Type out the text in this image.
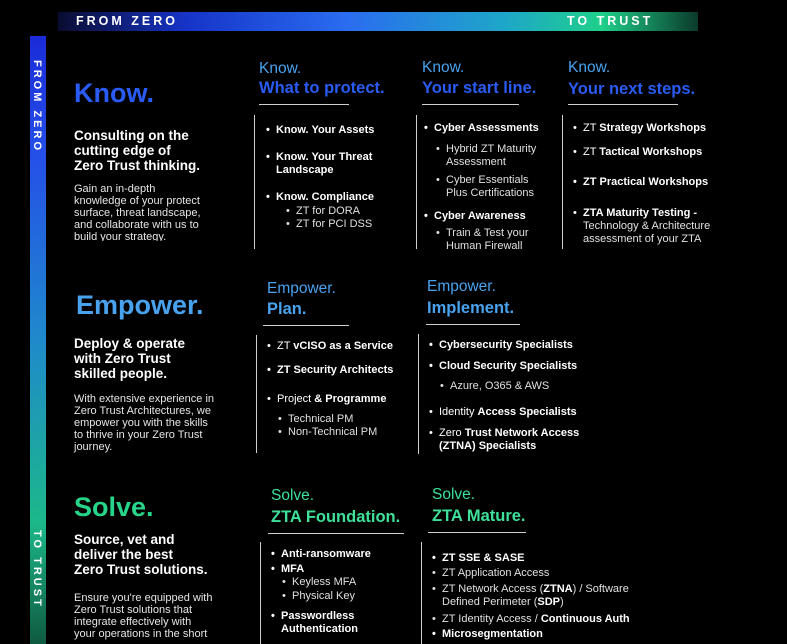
FROM ZERO	TO TRUST
FROM ZERO
TO TRUST
Know.
Consulting on the
cutting edge of
Zero Trust thinking.
Gain an in-depth
knowledge of your protect
surface, threat landscape,
and collaborate with us to
build your strategy.
Know.
What to protect.
• Know. Your Assets
• Know. Your Threat
Landscape
• Know. Compliance
• ZT for DORA
• ZT for PCI DSS
Know.
Your start line.
• Cyber Assessments
• Hybrid ZT Maturity
Assessment
• Cyber Essentials
Plus Certifications
• Cyber Awareness
• Train & Test your
Human Firewall
Know.
Your next steps.
• ZT Strategy Workshops
• ZT Tactical Workshops
• ZT Practical Workshops
• ZTA Maturity Testing -
Technology & Architecture
assessment of your ZTA
Empower.
Deploy & operate
with Zero Trust
skilled people.
With extensive experience in
Zero Trust Architectures, we
empower you with the skills
to thrive in your Zero Trust
journey.
Empower.
Plan.
• ZT vCISO as a Service
• ZT Security Architects
• Project & Programme
• Technical PM
• Non-Technical PM
Empower.
Implement.
• Cybersecurity Specialists
• Cloud Security Specialists
• Azure, O365 & AWS
• Identity Access Specialists
• Zero Trust Network Access
(ZTNA) Specialists
Solve.
Source, vet and
deliver the best
Zero Trust solutions.
Ensure you're equipped with
Zero Trust solutions that
integrate effectively with
your operations in the short
Solve.
ZTA Foundation.
• Anti-ransomware
• MFA
• Keyless MFA
• Physical Key
• Passwordless
Authentication
Solve.
ZTA Mature.
• ZT SSE & SASE
• ZT Application Access
• ZT Network Access (ZTNA) / Software
Defined Perimeter (SDP)
• ZT Identity Access / Continuous Auth
• Microsegmentation
